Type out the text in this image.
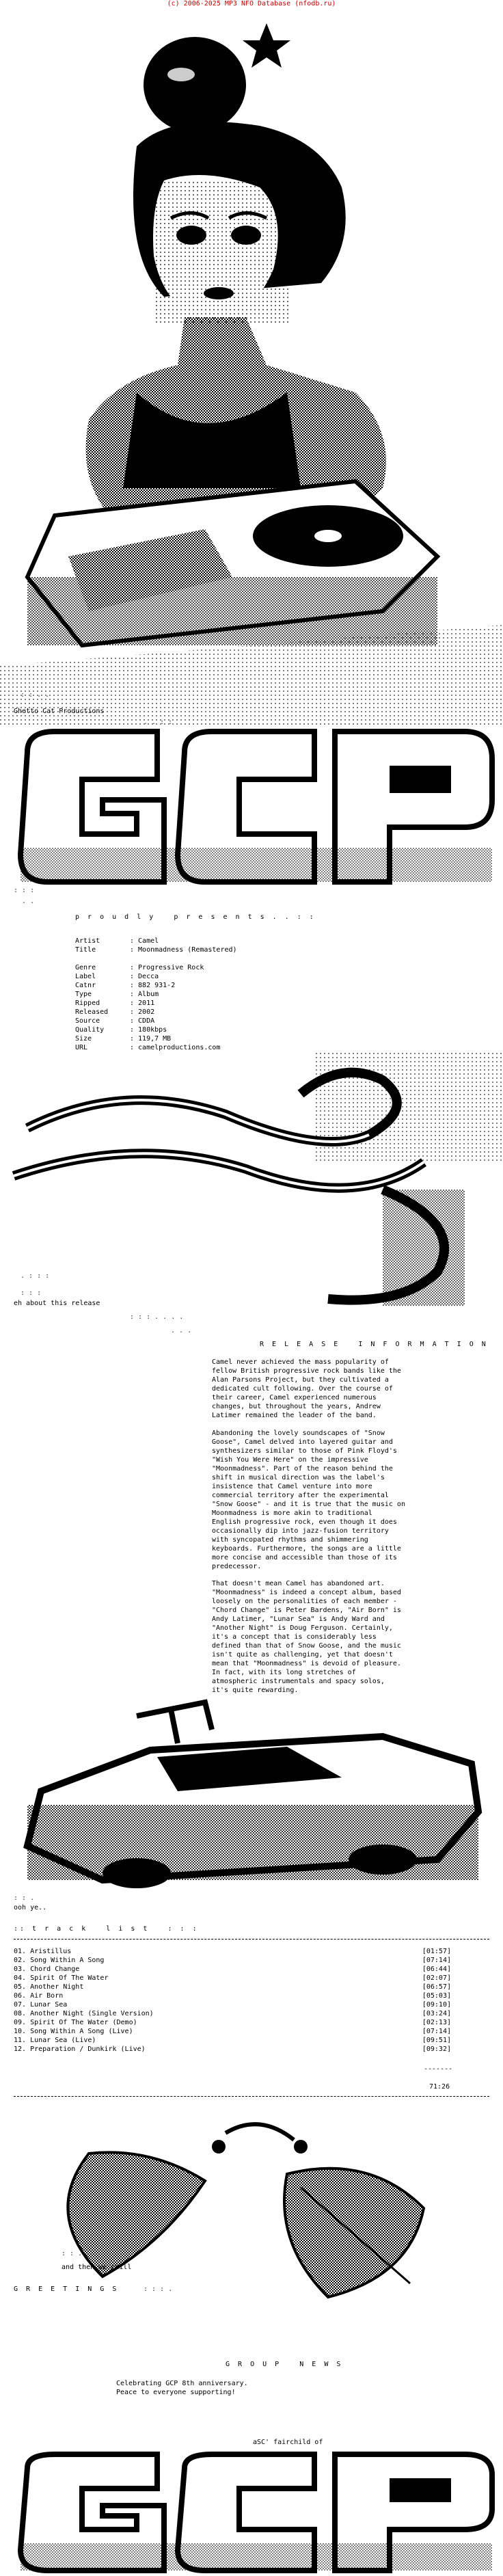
(c) 2006-2025 MP3 NFO Database (nfodb.ru)
: : . .
Ghetto Cat Productions
. . : :
: : :
. .
p r o u d l y   p r e s e n t s . . : :
Artist	: Camel
Title	: Moonmadness (Remastered)
Genre	: Progressive Rock
Label	: Decca
Catnr	: 882 931-2
Type	: Album
Ripped	: 2011
Released	: 2002
Source	: CDDA
Quality	: 180kbps
Size	: 119,7 MB
URL	: camelproductions.com
. : : :
: : :
eh about this release
: : : . . . .
. . .
R E L E A S E   I N F O R M A T I O N
Camel never achieved the mass popularity of
fellow British progressive rock bands like the
Alan Parsons Project, but they cultivated a
dedicated cult following. Over the course of
their career, Camel experienced numerous
changes, but throughout the years, Andrew
Latimer remained the leader of the band.
Abandoning the lovely soundscapes of "Snow
Goose", Camel delved into layered guitar and
synthesizers similar to those of Pink Floyd's
"Wish You Were Here" on the impressive
"Moonmadness". Part of the reason behind the
shift in musical direction was the label's
insistence that Camel venture into more
commercial territory after the experimental
"Snow Goose" - and it is true that the music on
Moonmadness is more akin to traditional
English progressive rock, even though it does
occasionally dip into jazz-fusion territory
with syncopated rhythms and shimmering
keyboards. Furthermore, the songs are a little
more concise and accessible than those of its
predecessor.
That doesn't mean Camel has abandoned art.
"Moonmadness" is indeed a concept album, based
loosely on the personalities of each member -
"Chord Change" is Peter Bardens, "Air Born" is
Andy Latimer, "Lunar Sea" is Andy Ward and
"Another Night" is Doug Ferguson. Certainly,
it's a concept that is considerably less
defined than that of Snow Goose, and the music
isn't quite as challenging, yet that doesn't
mean that "Moonmadness" is devoid of pleasure.
In fact, with its long stretches of
atmospheric instrumentals and spacy solos,
it's quite rewarding.
: : .
ooh ye..
:: t r a c k   l i s t   : : :
01. Aristillus	[01:57]
02. Song Within A Song	[07:14]
03. Chord Change	[06:44]
04. Spirit Of The Water	[02:07]
05. Another Night	[06:57]
06. Air Born	[05:03]
07. Lunar Sea	[09:10]
08. Another Night (Single Version)	[03:24]
09. Spirit Of The Water (Demo)	[02:13]
10. Song Within A Song (Live)	[07:14]
11. Lunar Sea (Live)	[09:51]
12. Preparation / Dunkirk (Live)	[09:32]
-------
71:26
: : .
and then we chill
G R E E T I N G S	: : : .
G R O U P   N E W S
Celebrating GCP 8th anniversary.
Peace to everyone supporting!
aSC' fairchild of
